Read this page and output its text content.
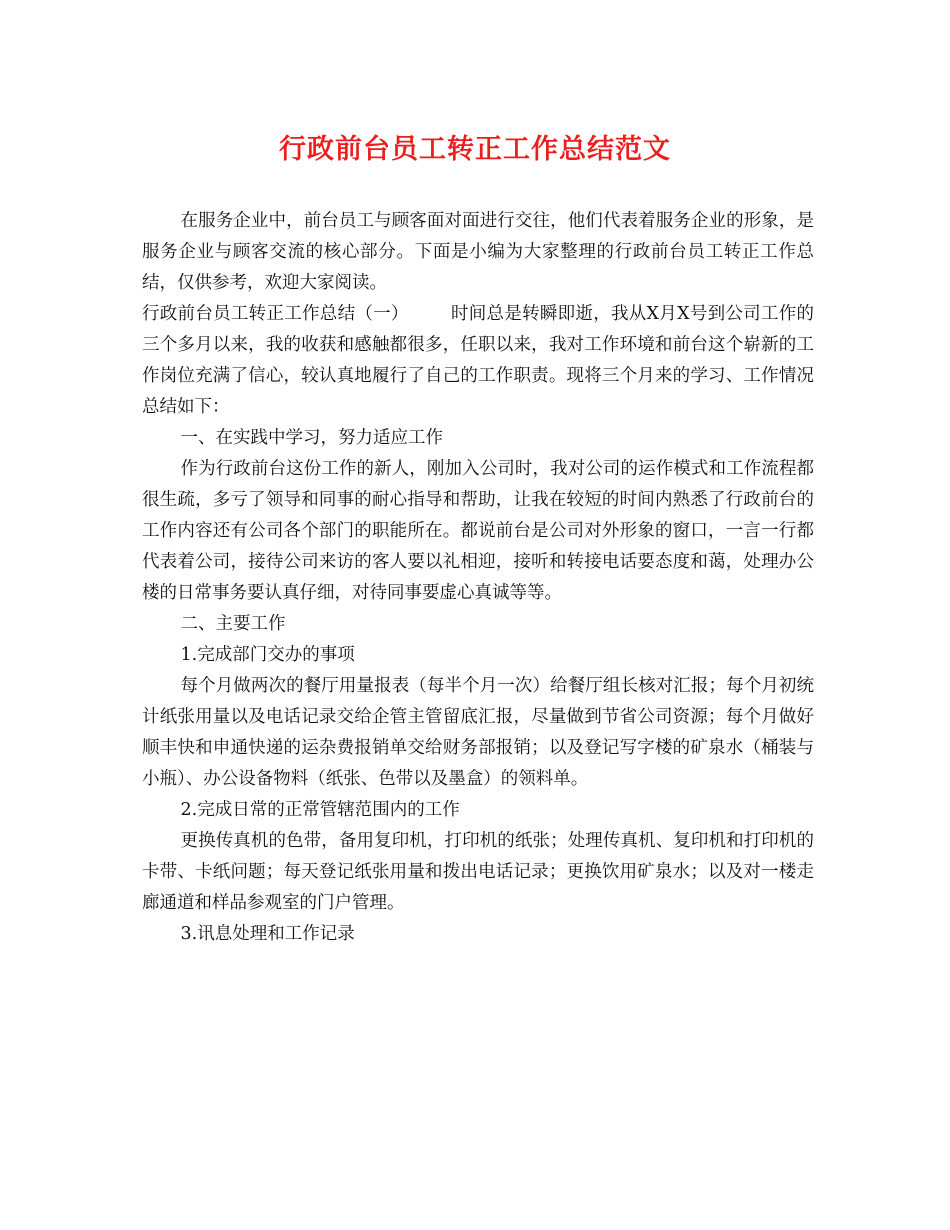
行政前台员工转正工作总结范文

在服务企业中，前台员工与顾客面对面进行交往，他们代表着服务企业的形象，是服务企业与顾客交流的核心部分。下面是小编为大家整理的行政前台员工转正工作总结，仅供参考，欢迎大家阅读。

行政前台员工转正工作总结（一） 时间总是转瞬即逝，我从X月X号到公司工作的三个多月以来，我的收获和感触都很多，任职以来，我对工作环境和前台这个崭新的工作岗位充满了信心，较认真地履行了自己的工作职责。现将三个月来的学习、工作情况总结如下：

一、在实践中学习，努力适应工作

作为行政前台这份工作的新人，刚加入公司时，我对公司的运作模式和工作流程都很生疏，多亏了领导和同事的耐心指导和帮助，让我在较短的时间内熟悉了行政前台的工作内容还有公司各个部门的职能所在。都说前台是公司对外形象的窗口，一言一行都代表着公司，接待公司来访的客人要以礼相迎，接听和转接电话要态度和蔼，处理办公楼的日常事务要认真仔细，对待同事要虚心真诚等等。

二、主要工作

1.完成部门交办的事项

每个月做两次的餐厅用量报表（每半个月一次）给餐厅组长核对汇报；每个月初统计纸张用量以及电话记录交给企管主管留底汇报，尽量做到节省公司资源；每个月做好顺丰快和申通快递的运杂费报销单交给财务部报销；以及登记写字楼的矿泉水（桶装与小瓶）、办公设备物料（纸张、色带以及墨盒）的领料单。

2.完成日常的正常管辖范围内的工作

更换传真机的色带，备用复印机，打印机的纸张；处理传真机、复印机和打印机的卡带、卡纸问题；每天登记纸张用量和拨出电话记录；更换饮用矿泉水；以及对一楼走廊通道和样品参观室的门户管理。

3.讯息处理和工作记录
